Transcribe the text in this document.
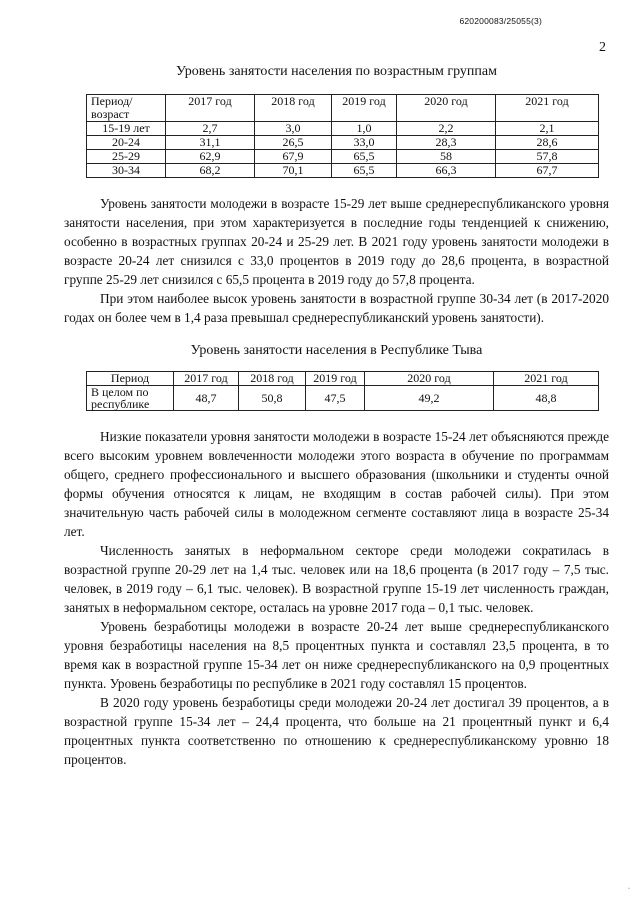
620200083/25055(3)
2
Уровень занятости населения по возрастным группам
Период/ возраст	2017 год	2018 год	2019 год	2020 год	2021 год
15-19 лет	2,7	3,0	1,0	2,2	2,1
20-24	31,1	26,5	33,0	28,3	28,6
25-29	62,9	67,9	65,5	58	57,8
30-34	68,2	70,1	65,5	66,3	67,7

Уровень занятости молодежи в возрасте 15-29 лет выше среднереспубликанского уровня занятости населения, при этом характеризуется в последние годы тенденцией к снижению, особенно в возрастных группах 20-24 и 25-29 лет. В 2021 году уровень занятости молодежи в возрасте 20-24 лет снизился с 33,0 процентов в 2019 году до 28,6 процента, в возрастной группе 25-29 лет снизился с 65,5 процента в 2019 году до 57,8 процента.

При этом наиболее высок уровень занятости в возрастной группе 30-34 лет (в 2017-2020 годах он более чем в 1,4 раза превышал среднереспубликанский уровень занятости).

Уровень занятости населения в Республике Тыва
Период	2017 год	2018 год	2019 год	2020 год	2021 год
В целом по республике	48,7	50,8	47,5	49,2	48,8

Низкие показатели уровня занятости молодежи в возрасте 15-24 лет объясняются прежде всего высоким уровнем вовлеченности молодежи этого возраста в обучение по программам общего, среднего профессионального и высшего образования (школьники и студенты очной формы обучения относятся к лицам, не входящим в состав рабочей силы). При этом значительную часть рабочей силы в молодежном сегменте составляют лица в возрасте 25-34 лет.

Численность занятых в неформальном секторе среди молодежи сократилась в возрастной группе 20-29 лет на 1,4 тыс. человек или на 18,6 процента (в 2017 году – 7,5 тыс. человек, в 2019 году – 6,1 тыс. человек). В возрастной группе 15-19 лет численность граждан, занятых в неформальном секторе, осталась на уровне 2017 года – 0,1 тыс. человек.

Уровень безработицы молодежи в возрасте 20-24 лет выше среднереспубликанского уровня безработицы населения на 8,5 процентных пункта и составлял 23,5 процента, в то время как в возрастной группе 15-34 лет он ниже среднереспубликанского на 0,9 процентных пункта. Уровень безработицы по республике в 2021 году составлял 15 процентов.

В 2020 году уровень безработицы среди молодежи 20-24 лет достигал 39 процентов, а в возрастной группе 15-34 лет – 24,4 процента, что больше на 21 процентный пункт и 6,4 процентных пункта соответственно по отношению к среднереспубликанскому уровню 18 процентов.

ᵕ
